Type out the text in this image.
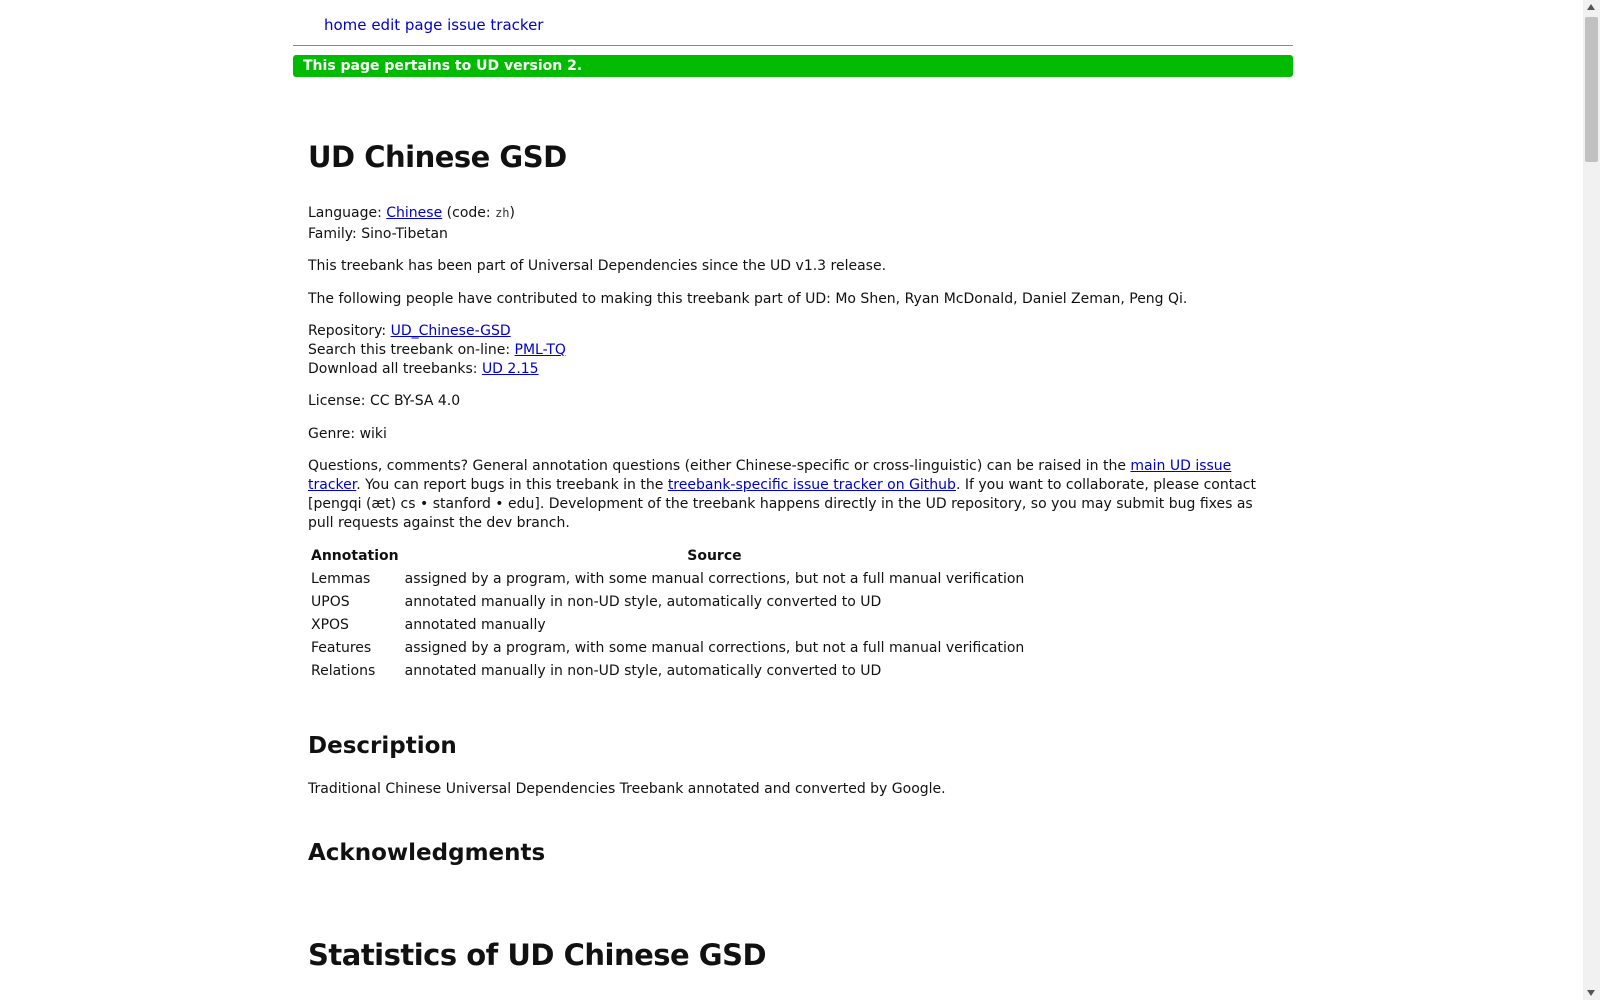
home edit page issue tracker
This page pertains to UD version 2.
UD Chinese GSD

Language: Chinese (code: zh)

Family: Sino-Tibetan

This treebank has been part of Universal Dependencies since the UD v1.3 release.

The following people have contributed to making this treebank part of UD: Mo Shen, Ryan McDonald, Daniel Zeman, Peng Qi.

Repository: UD_Chinese-GSD

Search this treebank on-line: PML-TQ

Download all treebanks: UD 2.15

License: CC BY-SA 4.0

Genre: wiki

Questions, comments? General annotation questions (either Chinese-specific or cross-linguistic) can be raised in the main UD issue tracker. You can report bugs in this treebank in the treebank-specific issue tracker on Github. If you want to collaborate, please contact [pengqi (æt) cs • stanford • edu]. Development of the treebank happens directly in the UD repository, so you may submit bug fixes as pull requests against the dev branch.

Annotation	Source
Lemmas	assigned by a program, with some manual corrections, but not a full manual verification
UPOS	annotated manually in non-UD style, automatically converted to UD
XPOS	annotated manually
Features	assigned by a program, with some manual corrections, but not a full manual verification
Relations	annotated manually in non-UD style, automatically converted to UD
Description

Traditional Chinese Universal Dependencies Treebank annotated and converted by Google.

Acknowledgments
Statistics of UD Chinese GSD
